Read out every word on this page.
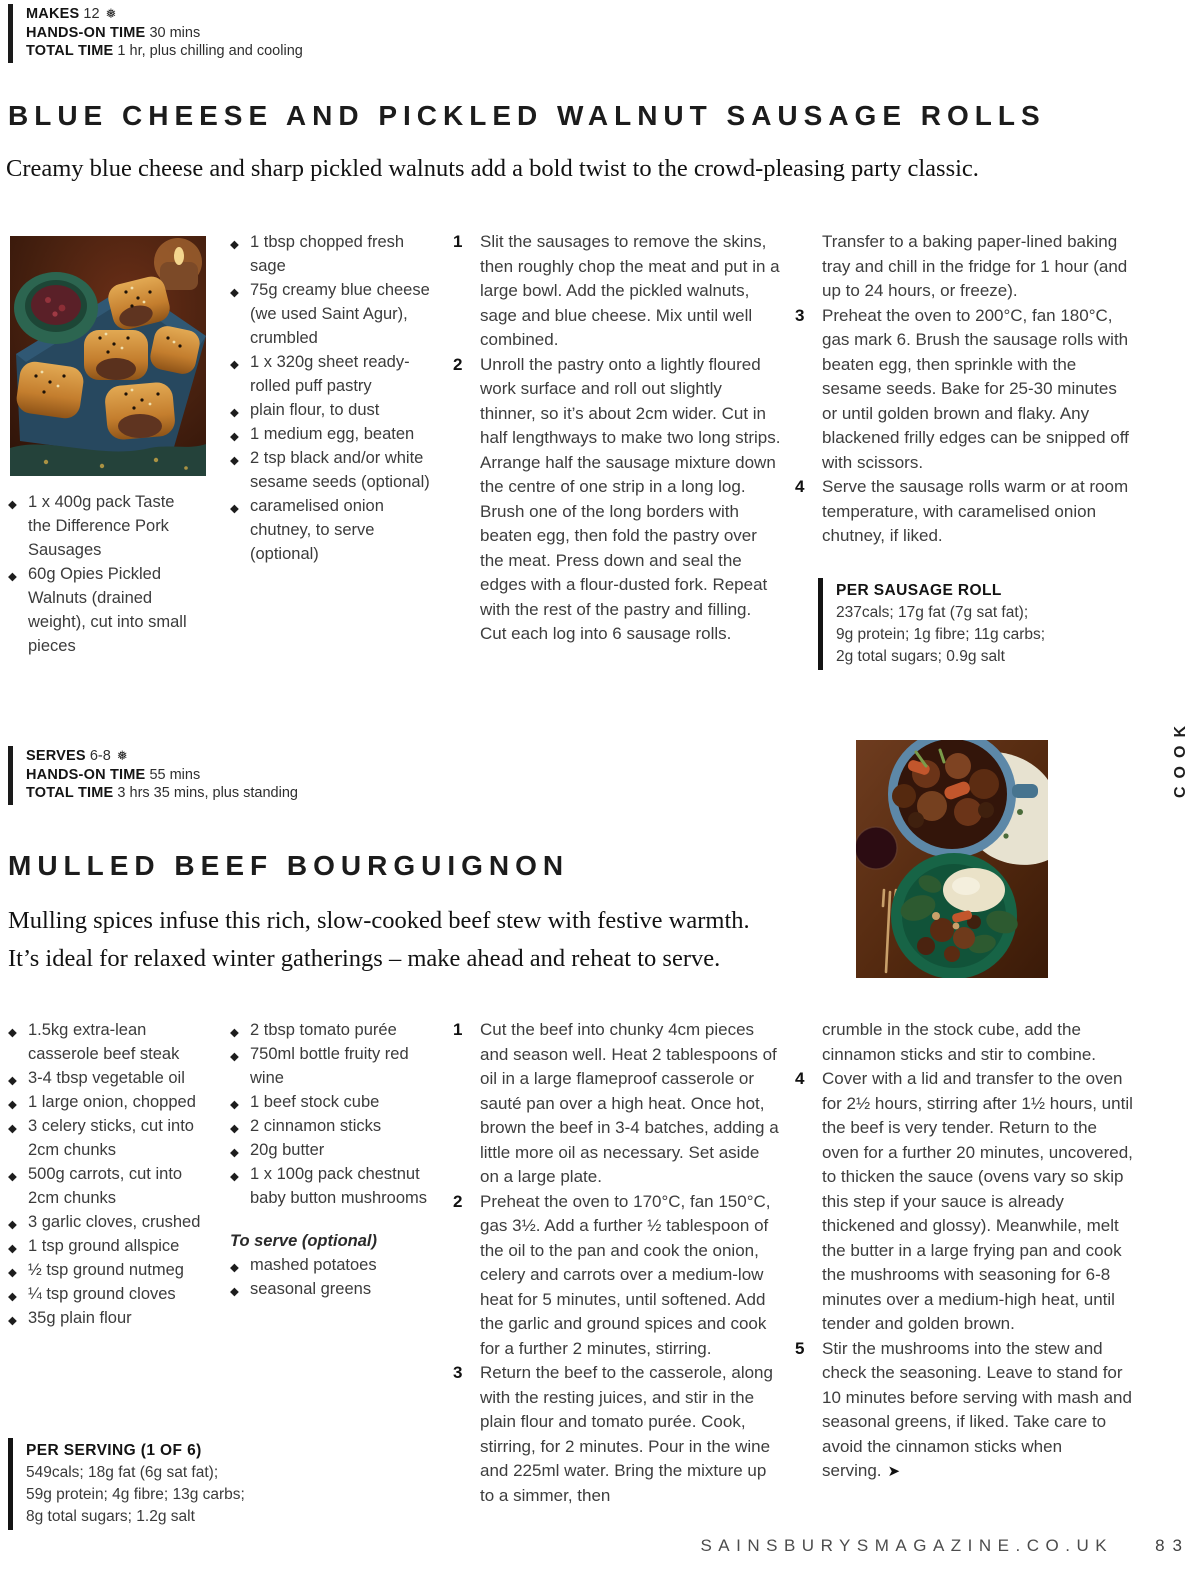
MAKES 12 ❅
HANDS-ON TIME 30 mins
TOTAL TIME 1 hr, plus chilling and cooling
BLUE CHEESE AND PICKLED WALNUT SAUSAGE ROLLS
Creamy blue cheese and sharp pickled walnuts add a bold twist to the crowd-pleasing party classic.
◆ 1 x 400g pack Taste the Difference Pork Sausages
◆ 60g Opies Pickled Walnuts (drained weight), cut into small pieces
◆ 1 tbsp chopped fresh sage
◆ 75g creamy blue cheese (we used Saint Agur), crumbled
◆ 1 x 320g sheet ready-rolled puff pastry
◆ plain flour, to dust
◆ 1 medium egg, beaten
◆ 2 tsp black and/or white sesame seeds (optional)
◆ caramelised onion chutney, to serve (optional)
1 Slit the sausages to remove the skins, then roughly chop the meat and put in a large bowl. Add the pickled walnuts, sage and blue cheese. Mix until well combined.
2 Unroll the pastry onto a lightly floured work surface and roll out slightly thinner, so it’s about 2cm wider. Cut in half lengthways to make two long strips. Arrange half the sausage mixture down the centre of one strip in a long log. Brush one of the long borders with beaten egg, then fold the pastry over the meat. Press down and seal the edges with a flour-dusted fork. Repeat with the rest of the pastry and filling. Cut each log into 6 sausage rolls.
Transfer to a baking paper-lined baking tray and chill in the fridge for 1 hour (and up to 24 hours, or freeze).
3 Preheat the oven to 200°C, fan 180°C, gas mark 6. Brush the sausage rolls with beaten egg, then sprinkle with the sesame seeds. Bake for 25-30 minutes or until golden brown and flaky. Any blackened frilly edges can be snipped off with scissors.
4 Serve the sausage rolls warm or at room temperature, with caramelised onion chutney, if liked.
PER SAUSAGE ROLL
237cals; 17g fat (7g sat fat);
9g protein; 1g fibre; 11g carbs;
2g total sugars; 0.9g salt
COOK
SERVES 6-8 ❅
HANDS-ON TIME 55 mins
TOTAL TIME 3 hrs 35 mins, plus standing
MULLED BEEF BOURGUIGNON
Mulling spices infuse this rich, slow-cooked beef stew with festive warmth.
It’s ideal for relaxed winter gatherings – make ahead and reheat to serve.
◆ 1.5kg extra-lean casserole beef steak
◆ 3-4 tbsp vegetable oil
◆ 1 large onion, chopped
◆ 3 celery sticks, cut into 2cm chunks
◆ 500g carrots, cut into 2cm chunks
◆ 3 garlic cloves, crushed
◆ 1 tsp ground allspice
◆ ½ tsp ground nutmeg
◆ ¼ tsp ground cloves
◆ 35g plain flour
◆ 2 tbsp tomato purée
◆ 750ml bottle fruity red wine
◆ 1 beef stock cube
◆ 2 cinnamon sticks
◆ 20g butter
◆ 1 x 100g pack chestnut baby button mushrooms
To serve (optional)
◆ mashed potatoes
◆ seasonal greens
1 Cut the beef into chunky 4cm pieces and season well. Heat 2 tablespoons of oil in a large flameproof casserole or sauté pan over a high heat. Once hot, brown the beef in 3-4 batches, adding a little more oil as necessary. Set aside on a large plate.
2 Preheat the oven to 170°C, fan 150°C, gas 3½. Add a further ½ tablespoon of the oil to the pan and cook the onion, celery and carrots over a medium-low heat for 5 minutes, until softened. Add the garlic and ground spices and cook for a further 2 minutes, stirring.
3 Return the beef to the casserole, along with the resting juices, and stir in the plain flour and tomato purée. Cook, stirring, for 2 minutes. Pour in the wine and 225ml water. Bring the mixture up to a simmer, then
crumble in the stock cube, add the cinnamon sticks and stir to combine.
4 Cover with a lid and transfer to the oven for 2½ hours, stirring after 1½ hours, until the beef is very tender. Return to the oven for a further 20 minutes, uncovered, to thicken the sauce (ovens vary so skip this step if your sauce is already thickened and glossy). Meanwhile, melt the butter in a large frying pan and cook the mushrooms with seasoning for 6-8 minutes over a medium-high heat, until tender and golden brown.
5 Stir the mushrooms into the stew and check the seasoning. Leave to stand for 10 minutes before serving with mash and seasonal greens, if liked. Take care to avoid the cinnamon sticks when serving. ➤
PER SERVING (1 OF 6)
549cals; 18g fat (6g sat fat);
59g protein; 4g fibre; 13g carbs;
8g total sugars; 1.2g salt
SAINSBURYSMAGAZINE.CO.UK 83
